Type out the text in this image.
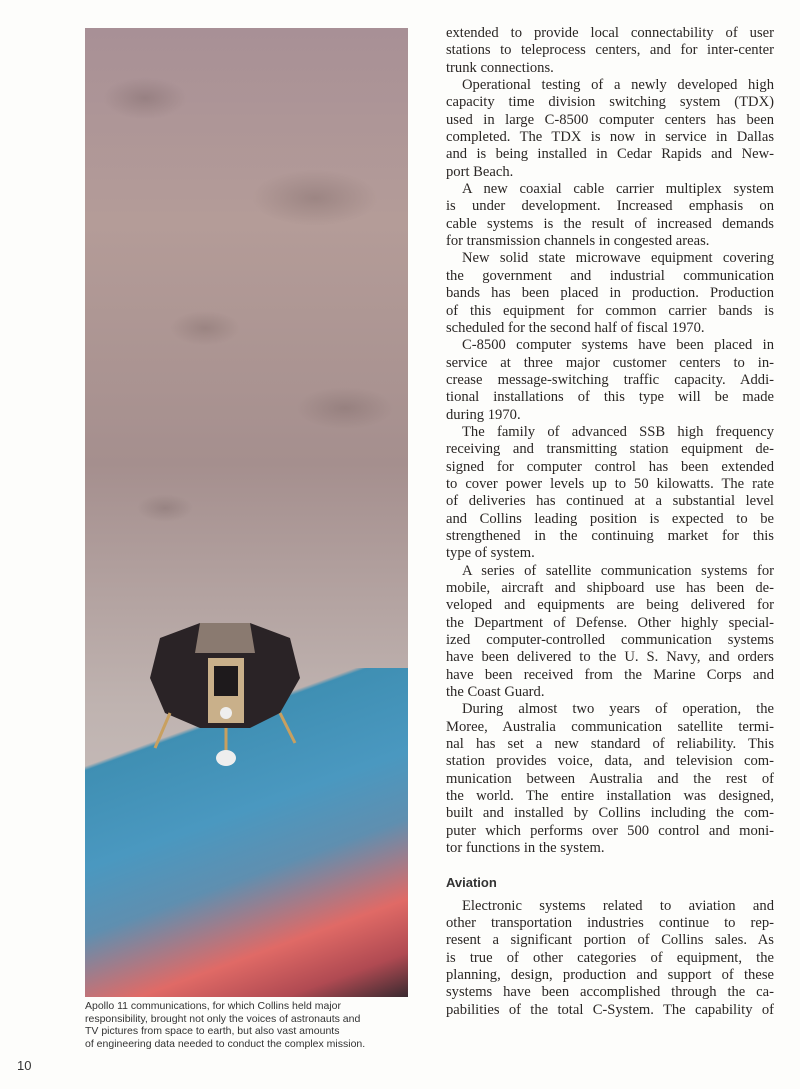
Apollo 11 communications, for which Collins held major
responsibility, brought not only the voices of astronauts and
TV pictures from space to earth, but also vast amounts
of engineering data needed to conduct the complex mission.
10
extended to provide local connectability of user
stations to teleprocess centers, and for inter-center
trunk connections.
Operational testing of a newly developed high
capacity time division switching system (TDX)
used in large C-8500 computer centers has been
completed. The TDX is now in service in Dallas
and is being installed in Cedar Rapids and New-
port Beach.
A new coaxial cable carrier multiplex system
is under development. Increased emphasis on
cable systems is the result of increased demands
for transmission channels in congested areas.
New solid state microwave equipment covering
the government and industrial communication
bands has been placed in production. Production
of this equipment for common carrier bands is
scheduled for the second half of fiscal 1970.
C-8500 computer systems have been placed in
service at three major customer centers to in-
crease message-switching traffic capacity. Addi-
tional installations of this type will be made
during 1970.
The family of advanced SSB high frequency
receiving and transmitting station equipment de-
signed for computer control has been extended
to cover power levels up to 50 kilowatts. The rate
of deliveries has continued at a substantial level
and Collins leading position is expected to be
strengthened in the continuing market for this
type of system.
A series of satellite communication systems for
mobile, aircraft and shipboard use has been de-
veloped and equipments are being delivered for
the Department of Defense. Other highly special-
ized computer-controlled communication systems
have been delivered to the U. S. Navy, and orders
have been received from the Marine Corps and
the Coast Guard.
During almost two years of operation, the
Moree, Australia communication satellite termi-
nal has set a new standard of reliability. This
station provides voice, data, and television com-
munication between Australia and the rest of
the world. The entire installation was designed,
built and installed by Collins including the com-
puter which performs over 500 control and moni-
tor functions in the system.
Aviation
Electronic systems related to aviation and
other transportation industries continue to rep-
resent a significant portion of Collins sales. As
is true of other categories of equipment, the
planning, design, production and support of these
systems have been accomplished through the ca-
pabilities of the total C-System. The capability of
